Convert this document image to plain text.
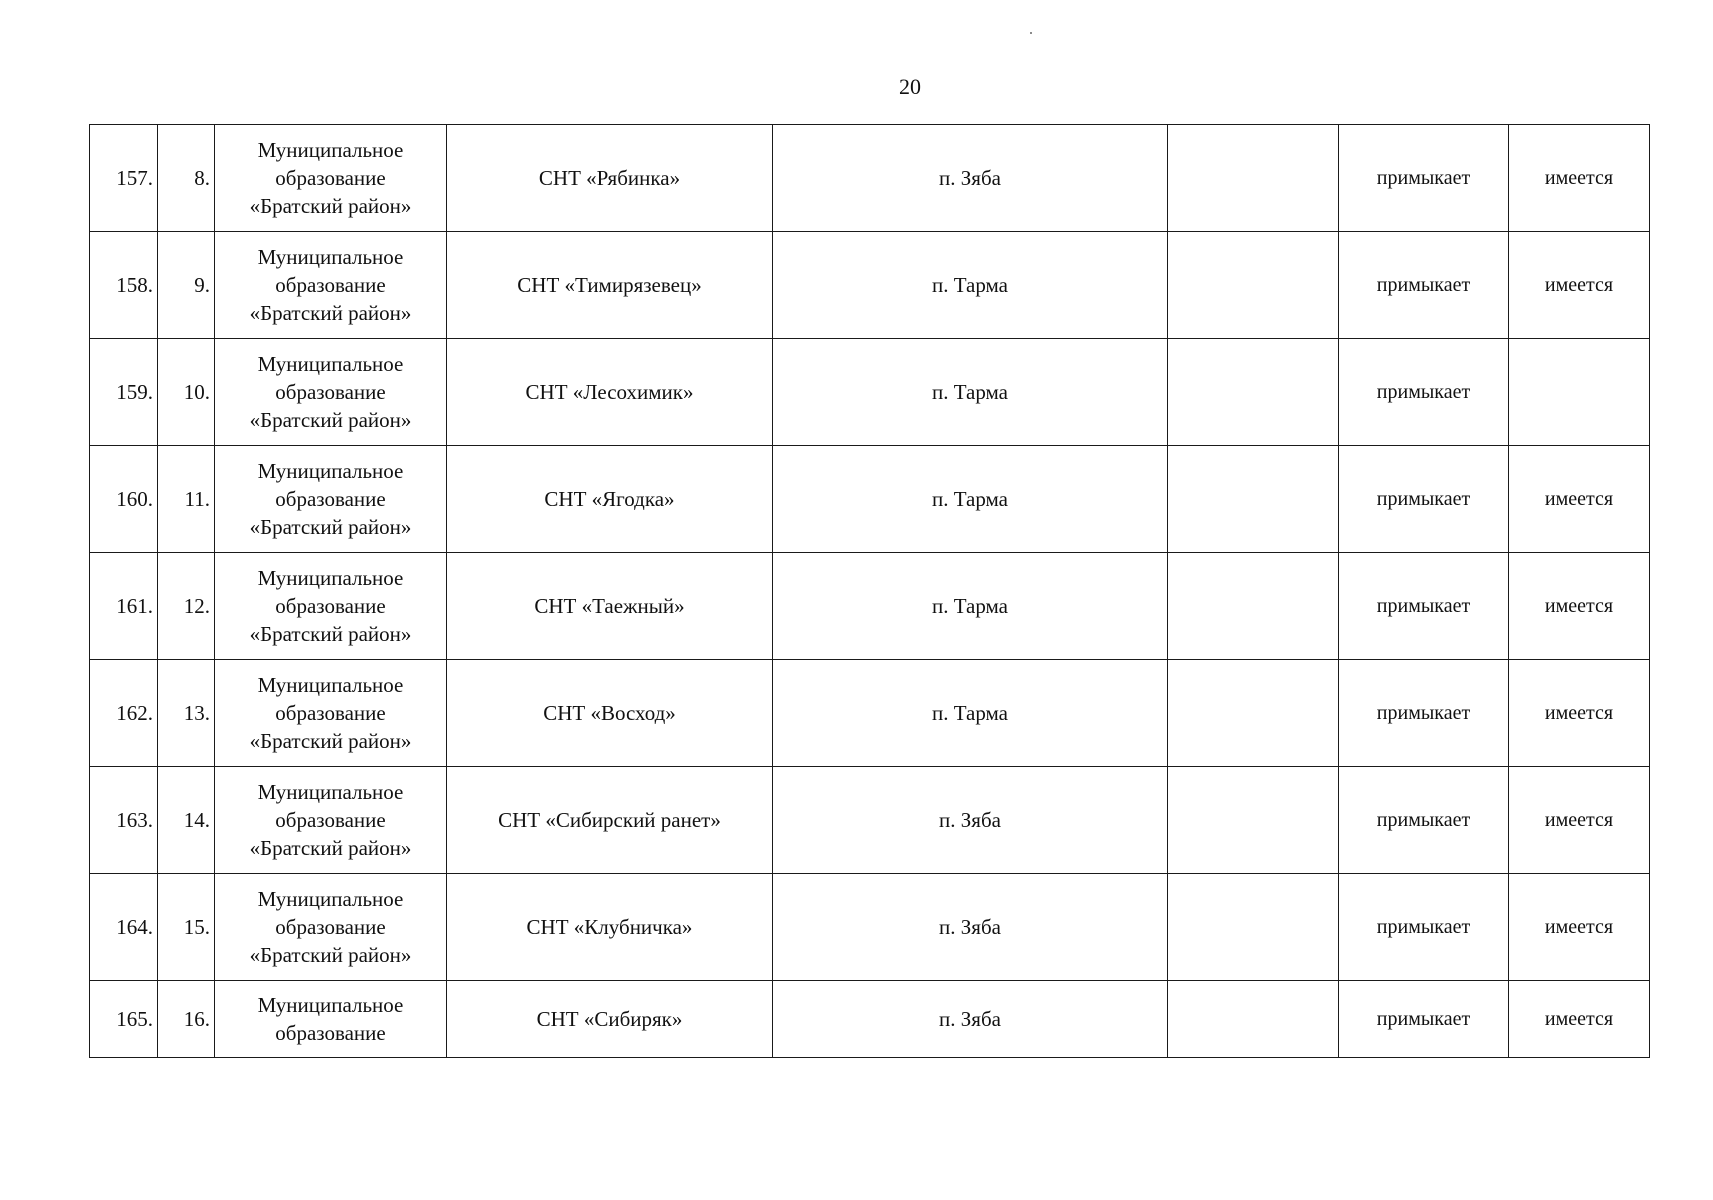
20
157.	8.	Муниципальное
образование
«Братский район»	СНТ «Рябинка»	п. Зяба		примыкает	имеется
158.	9.	Муниципальное
образование
«Братский район»	СНТ «Тимирязевец»	п. Тарма		примыкает	имеется
159.	10.	Муниципальное
образование
«Братский район»	СНТ «Лесохимик»	п. Тарма		примыкает	
160.	11.	Муниципальное
образование
«Братский район»	СНТ «Ягодка»	п. Тарма		примыкает	имеется
161.	12.	Муниципальное
образование
«Братский район»	СНТ «Таежный»	п. Тарма		примыкает	имеется
162.	13.	Муниципальное
образование
«Братский район»	СНТ «Восход»	п. Тарма		примыкает	имеется
163.	14.	Муниципальное
образование
«Братский район»	СНТ «Сибирский ранет»	п. Зяба		примыкает	имеется
164.	15.	Муниципальное
образование
«Братский район»	СНТ «Клубничка»	п. Зяба		примыкает	имеется
165.	16.	Муниципальное
образование	СНТ «Сибиряк»	п. Зяба		примыкает	имеется
